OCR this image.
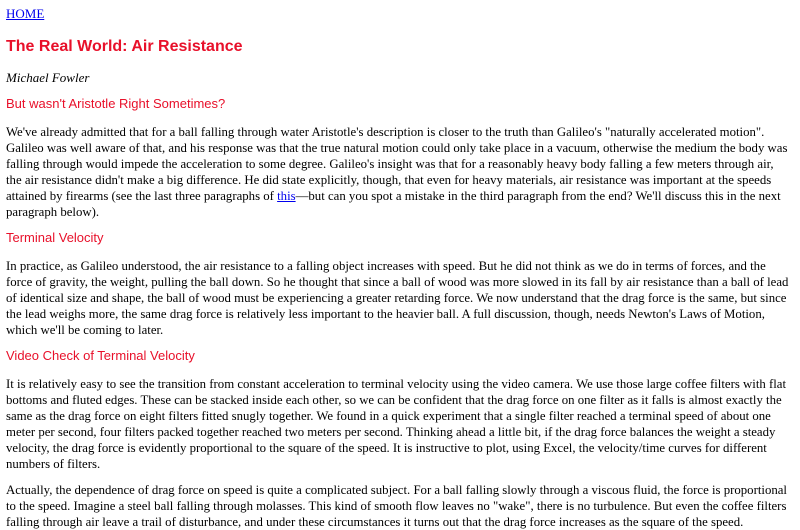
HOME
The Real World: Air Resistance
Michael Fowler
But wasn't Aristotle Right Sometimes?

We've already admitted that for a ball falling through water Aristotle's description is closer to the truth than Galileo's "naturally accelerated motion". Galileo was well aware of that, and his response was that the true natural motion could only take place in a vacuum, otherwise the medium the body was falling through would impede the acceleration to some degree. Galileo's insight was that for a reasonably heavy body falling a few meters through air, the air resistance didn't make a big difference. He did state explicitly, though, that even for heavy materials, air resistance was important at the speeds attained by firearms (see the last three paragraphs of this—but can you spot a mistake in the third paragraph from the end? We'll discuss this in the next paragraph below).

Terminal Velocity

In practice, as Galileo understood, the air resistance to a falling object increases with speed. But he did not think as we do in terms of forces, and the force of gravity, the weight, pulling the ball down. So he thought that since a ball of wood was more slowed in its fall by air resistance than a ball of lead of identical size and shape, the ball of wood must be experiencing a greater retarding force. We now understand that the drag force is the same, but since the lead weighs more, the same drag force is relatively less important to the heavier ball. A full discussion, though, needs Newton's Laws of Motion, which we'll be coming to later.

Video Check of Terminal Velocity

It is relatively easy to see the transition from constant acceleration to terminal velocity using the video camera. We use those large coffee filters with flat bottoms and fluted edges. These can be stacked inside each other, so we can be confident that the drag force on one filter as it falls is almost exactly the same as the drag force on eight filters fitted snugly together. We found in a quick experiment that a single filter reached a terminal speed of about one meter per second, four filters packed together reached two meters per second. Thinking ahead a little bit, if the drag force balances the weight a steady velocity, the drag force is evidently proportional to the square of the speed. It is instructive to plot, using Excel, the velocity/time curves for different numbers of filters.

Actually, the dependence of drag force on speed is quite a complicated subject. For a ball falling slowly through a viscous fluid, the force is proportional to the speed. Imagine a steel ball falling through molasses. This kind of smooth flow leaves no "wake", there is no turbulence. But even the coffee filters falling through air leave a trail of disturbance, and under these circumstances it turns out that the drag force increases as the square of the speed.
